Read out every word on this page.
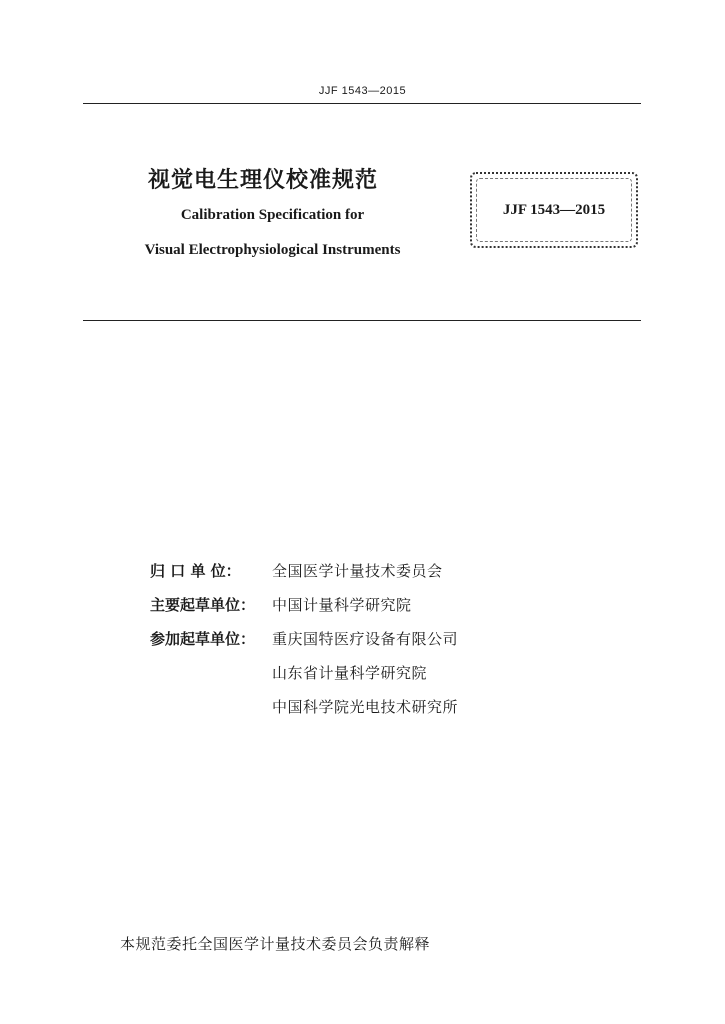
JJF 1543—2015
视觉电生理仪校准规范
Calibration Specification for
Visual Electrophysiological Instruments
JJF 1543—2015
归 口 单 位：	全国医学计量技术委员会
主要起草单位：	中国计量科学研究院
参加起草单位：	重庆国特医疗设备有限公司
山东省计量科学研究院
中国科学院光电技术研究所
本规范委托全国医学计量技术委员会负责解释
